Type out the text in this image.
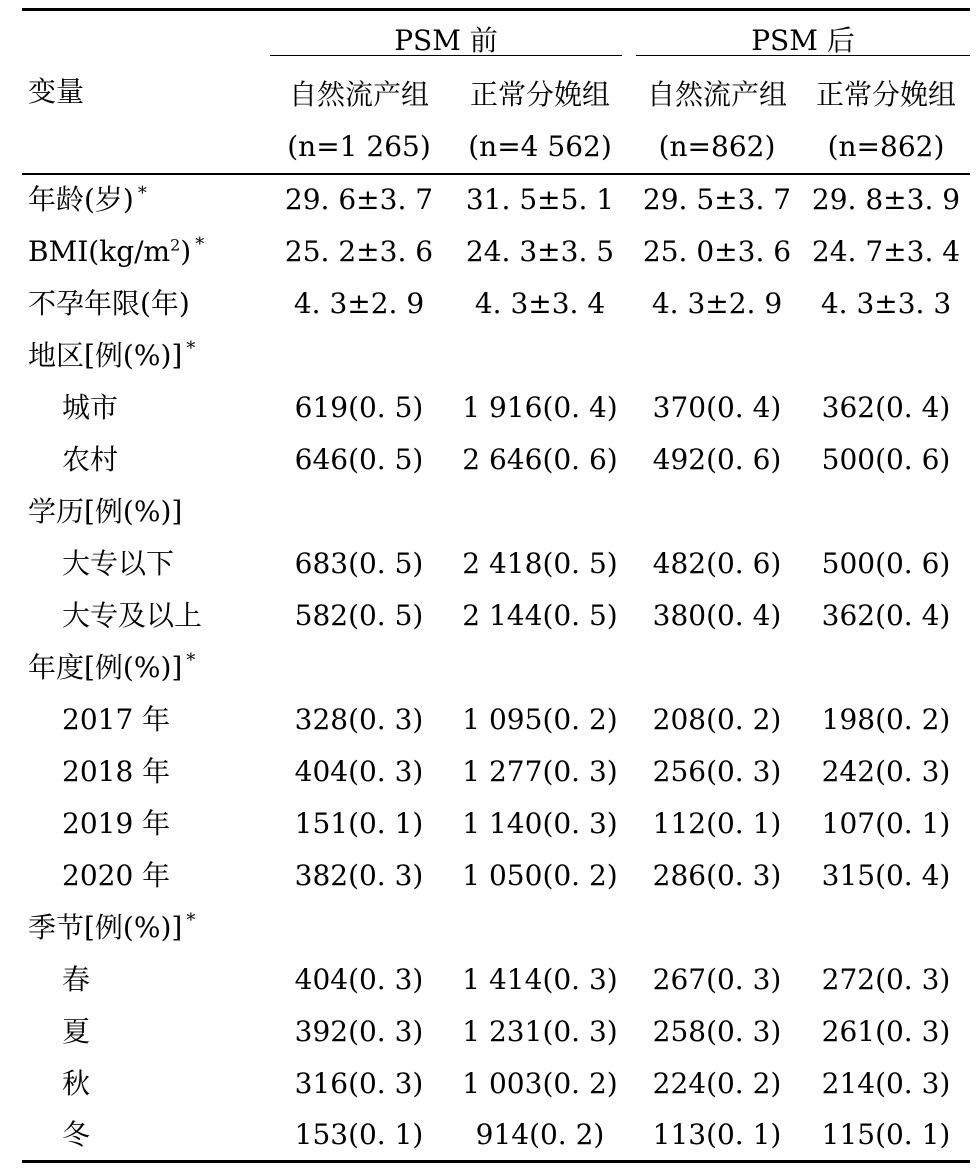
变量	PSM 前		PSM 后	

	自然流产组	正常分娩组	自然流产组	正常分娩组
	(n=1 265)	(n=4 562)	(n=862)	(n=862)
年龄(岁) *	29. 6±3. 7	31. 5±5. 1	29. 5±3. 7	29. 8±3. 9
$BMI(kg/m^2)$ *	25. 2±3. 6	24. 3±3. 5	25. 0±3. 6	24. 7±3. 4
不孕年限(年)	4. 3±2. 9	4. 3±3. 4	4. 3±2. 9	4. 3±3. 3
地区[例(%)] *				
城市	619(0. 5)	1 916(0. 4)	370(0. 4)	362(0. 4)
农村	646(0. 5)	2 646(0. 6)	492(0. 6)	500(0. 6)
学历[例(%)]				
大专以下	683(0. 5)	2 418(0. 5)	482(0. 6)	500(0. 6)
大专及以上	582(0. 5)	2 144(0. 5)	380(0. 4)	362(0. 4)
年度[例(%)] *				
2017 年	328(0. 3)	1 095(0. 2)	208(0. 2)	198(0. 2)
2018 年	404(0. 3)	1 277(0. 3)	256(0. 3)	242(0. 3)
2019 年	151(0. 1)	1 140(0. 3)	112(0. 1)	107(0. 1)
2020 年	382(0. 3)	1 050(0. 2)	286(0. 3)	315(0. 4)
季节[例(%)] *				
春	404(0. 3)	1 414(0. 3)	267(0. 3)	272(0. 3)
夏	392(0. 3)	1 231(0. 3)	258(0. 3)	261(0. 3)
秋	316(0. 3)	1 003(0. 2)	224(0. 2)	214(0. 3)
冬	153(0. 1)	914(0. 2)	113(0. 1)	115(0. 1)
